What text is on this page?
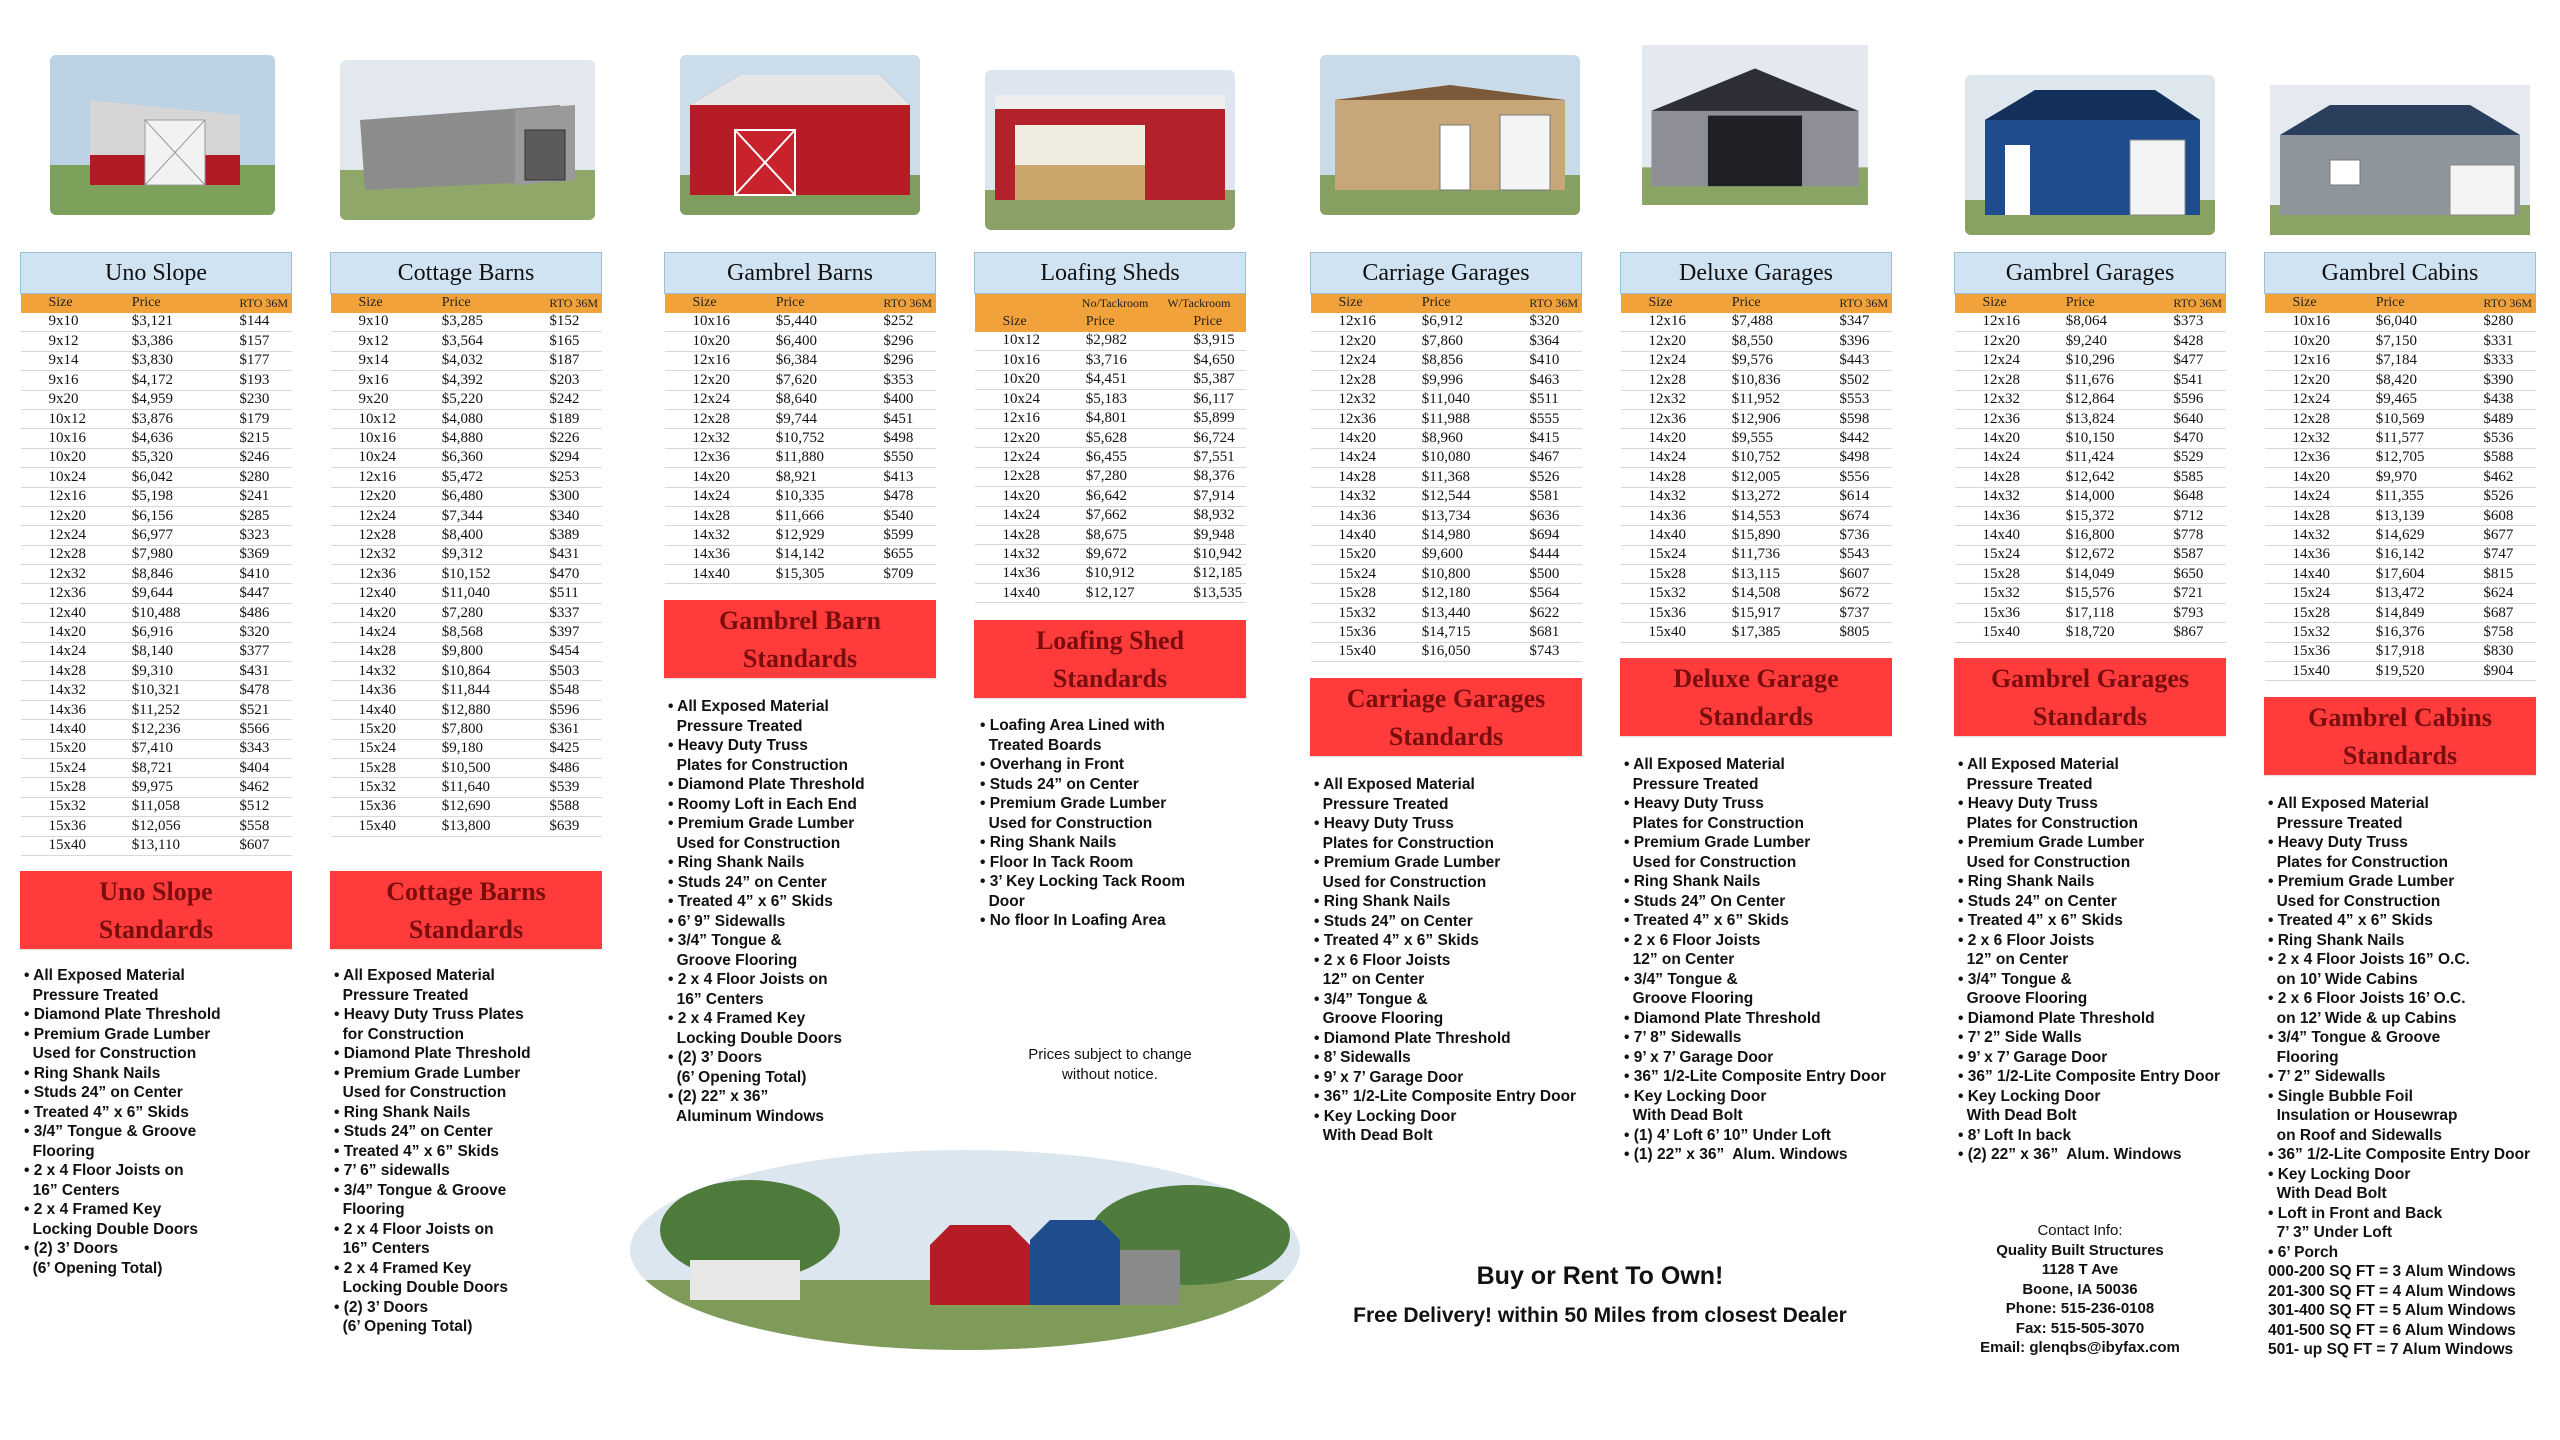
Uno Slope		
Size	Price	RTO 36M
9x10	$3,121	$144
9x12	$3,386	$157
9x14	$3,830	$177
9x16	$4,172	$193
9x20	$4,959	$230
10x12	$3,876	$179
10x16	$4,636	$215
10x20	$5,320	$246
10x24	$6,042	$280
12x16	$5,198	$241
12x20	$6,156	$285
12x24	$6,977	$323
12x28	$7,980	$369
12x32	$8,846	$410
12x36	$9,644	$447
12x40	$10,488	$486
14x20	$6,916	$320
14x24	$8,140	$377
14x28	$9,310	$431
14x32	$10,321	$478
14x36	$11,252	$521
14x40	$12,236	$566
15x20	$7,410	$343
15x24	$8,721	$404
15x28	$9,975	$462
15x32	$11,058	$512
15x36	$12,056	$558
15x40	$13,110	$607
Uno Slope
Standards
• All Exposed Material
Pressure Treated
• Diamond Plate Threshold
• Premium Grade Lumber
Used for Construction
• Ring Shank Nails
• Studs 24” on Center
• Treated 4” x 6” Skids
• 3/4” Tongue & Groove
Flooring
• 2 x 4 Floor Joists on
16” Centers
• 2 x 4 Framed Key
Locking Double Doors
• (2) 3’ Doors
(6’ Opening Total)
Cottage Barns		
Size	Price	RTO 36M
9x10	$3,285	$152
9x12	$3,564	$165
9x14	$4,032	$187
9x16	$4,392	$203
9x20	$5,220	$242
10x12	$4,080	$189
10x16	$4,880	$226
10x24	$6,360	$294
12x16	$5,472	$253
12x20	$6,480	$300
12x24	$7,344	$340
12x28	$8,400	$389
12x32	$9,312	$431
12x36	$10,152	$470
12x40	$11,040	$511
14x20	$7,280	$337
14x24	$8,568	$397
14x28	$9,800	$454
14x32	$10,864	$503
14x36	$11,844	$548
14x40	$12,880	$596
15x20	$7,800	$361
15x24	$9,180	$425
15x28	$10,500	$486
15x32	$11,640	$539
15x36	$12,690	$588
15x40	$13,800	$639
Cottage Barns
Standards
• All Exposed Material
Pressure Treated
• Heavy Duty Truss Plates
for Construction
• Diamond Plate Threshold
• Premium Grade Lumber
Used for Construction
• Ring Shank Nails
• Studs 24” on Center
• Treated 4” x 6” Skids
• 7’ 6” sidewalls
• 3/4” Tongue & Groove
Flooring
• 2 x 4 Floor Joists on
16” Centers
• 2 x 4 Framed Key
Locking Double Doors
• (2) 3’ Doors
(6’ Opening Total)
Gambrel Barns		
Size	Price	RTO 36M
10x16	$5,440	$252
10x20	$6,400	$296
12x16	$6,384	$296
12x20	$7,620	$353
12x24	$8,640	$400
12x28	$9,744	$451
12x32	$10,752	$498
12x36	$11,880	$550
14x20	$8,921	$413
14x24	$10,335	$478
14x28	$11,666	$540
14x32	$12,929	$599
14x36	$14,142	$655
14x40	$15,305	$709
Gambrel Barn
Standards
• All Exposed Material
Pressure Treated
• Heavy Duty Truss
Plates for Construction
• Diamond Plate Threshold
• Roomy Loft in Each End
• Premium Grade Lumber
Used for Construction
• Ring Shank Nails
• Studs 24” on Center
• Treated 4” x 6” Skids
• 6’ 9” Sidewalls
• 3/4” Tongue &
Groove Flooring
• 2 x 4 Floor Joists on
16” Centers
• 2 x 4 Framed Key
Locking Double Doors
• (2) 3’ Doors
(6’ Opening Total)
• (2) 22” x 36”
Aluminum Windows
Loafing Sheds		
	No/Tackroom	W/Tackroom
Size	Price	Price
10x12	$2,982	$3,915
10x16	$3,716	$4,650
10x20	$4,451	$5,387
10x24	$5,183	$6,117
12x16	$4,801	$5,899
12x20	$5,628	$6,724
12x24	$6,455	$7,551
12x28	$7,280	$8,376
14x20	$6,642	$7,914
14x24	$7,662	$8,932
14x28	$8,675	$9,948
14x32	$9,672	$10,942
14x36	$10,912	$12,185
14x40	$12,127	$13,535
Loafing Shed
Standards
• Loafing Area Lined with
Treated Boards
• Overhang in Front
• Studs 24” on Center
• Premium Grade Lumber
Used for Construction
• Ring Shank Nails
• Floor In Tack Room
• 3’ Key Locking Tack Room
Door
• No floor In Loafing Area
Prices subject to change
without notice.
Carriage Garages		
Size	Price	RTO 36M
12x16	$6,912	$320
12x20	$7,860	$364
12x24	$8,856	$410
12x28	$9,996	$463
12x32	$11,040	$511
12x36	$11,988	$555
14x20	$8,960	$415
14x24	$10,080	$467
14x28	$11,368	$526
14x32	$12,544	$581
14x36	$13,734	$636
14x40	$14,980	$694
15x20	$9,600	$444
15x24	$10,800	$500
15x28	$12,180	$564
15x32	$13,440	$622
15x36	$14,715	$681
15x40	$16,050	$743
Carriage Garages
Standards
• All Exposed Material
Pressure Treated
• Heavy Duty Truss
Plates for Construction
• Premium Grade Lumber
Used for Construction
• Ring Shank Nails
• Studs 24” on Center
• Treated 4” x 6” Skids
• 2 x 6 Floor Joists
12” on Center
• 3/4” Tongue &
Groove Flooring
• Diamond Plate Threshold
• 8’ Sidewalls
• 9’ x 7’ Garage Door
• 36” 1/2-Lite Composite Entry Door
• Key Locking Door
With Dead Bolt
Deluxe Garages		
Size	Price	RTO 36M
12x16	$7,488	$347
12x20	$8,550	$396
12x24	$9,576	$443
12x28	$10,836	$502
12x32	$11,952	$553
12x36	$12,906	$598
14x20	$9,555	$442
14x24	$10,752	$498
14x28	$12,005	$556
14x32	$13,272	$614
14x36	$14,553	$674
14x40	$15,890	$736
15x24	$11,736	$543
15x28	$13,115	$607
15x32	$14,508	$672
15x36	$15,917	$737
15x40	$17,385	$805
Deluxe Garage
Standards
• All Exposed Material
Pressure Treated
• Heavy Duty Truss
Plates for Construction
• Premium Grade Lumber
Used for Construction
• Ring Shank Nails
• Studs 24” On Center
• Treated 4” x 6” Skids
• 2 x 6 Floor Joists
12” on Center
• 3/4” Tongue &
Groove Flooring
• Diamond Plate Threshold
• 7’ 8” Sidewalls
• 9’ x 7’ Garage Door
• 36” 1/2-Lite Composite Entry Door
• Key Locking Door
With Dead Bolt
• (1) 4’ Loft 6’ 10” Under Loft
• (1) 22” x 36”  Alum. Windows
Gambrel Garages		
Size	Price	RTO 36M
12x16	$8,064	$373
12x20	$9,240	$428
12x24	$10,296	$477
12x28	$11,676	$541
12x32	$12,864	$596
12x36	$13,824	$640
14x20	$10,150	$470
14x24	$11,424	$529
14x28	$12,642	$585
14x32	$14,000	$648
14x36	$15,372	$712
14x40	$16,800	$778
15x24	$12,672	$587
15x28	$14,049	$650
15x32	$15,576	$721
15x36	$17,118	$793
15x40	$18,720	$867
Gambrel Garages
Standards
• All Exposed Material
Pressure Treated
• Heavy Duty Truss
Plates for Construction
• Premium Grade Lumber
Used for Construction
• Ring Shank Nails
• Studs 24” on Center
• Treated 4” x 6” Skids
• 2 x 6 Floor Joists
12” on Center
• 3/4” Tongue &
Groove Flooring
• Diamond Plate Threshold
• 7’ 2” Side Walls
• 9’ x 7’ Garage Door
• 36” 1/2-Lite Composite Entry Door
• Key Locking Door
With Dead Bolt
• 8’ Loft In back
• (2) 22” x 36”  Alum. Windows
Gambrel Cabins		
Size	Price	RTO 36M
10x16	$6,040	$280
10x20	$7,150	$331
12x16	$7,184	$333
12x20	$8,420	$390
12x24	$9,465	$438
12x28	$10,569	$489
12x32	$11,577	$536
12x36	$12,705	$588
14x20	$9,970	$462
14x24	$11,355	$526
14x28	$13,139	$608
14x32	$14,629	$677
14x36	$16,142	$747
14x40	$17,604	$815
15x24	$13,472	$624
15x28	$14,849	$687
15x32	$16,376	$758
15x36	$17,918	$830
15x40	$19,520	$904
Gambrel Cabins
Standards
• All Exposed Material
Pressure Treated
• Heavy Duty Truss
Plates for Construction
• Premium Grade Lumber
Used for Construction
• Treated 4” x 6” Skids
• Ring Shank Nails
• 2 x 4 Floor Joists 16” O.C.
on 10’ Wide Cabins
• 2 x 6 Floor Joists 16’ O.C.
on 12’ Wide & up Cabins
• 3/4” Tongue & Groove
Flooring
• 7’ 2” Sidewalls
• Single Bubble Foil
Insulation or Housewrap
on Roof and Sidewalls
• 36” 1/2-Lite Composite Entry Door
• Key Locking Door
With Dead Bolt
• Loft in Front and Back
7’ 3” Under Loft
• 6’ Porch
000-200 SQ FT = 3 Alum Windows
201-300 SQ FT = 4 Alum Windows
301-400 SQ FT = 5 Alum Windows
401-500 SQ FT = 6 Alum Windows
501- up SQ FT = 7 Alum Windows
Buy or Rent To Own!
Free Delivery! within 50 Miles from closest Dealer
Contact Info:
Quality Built Structures
1128 T Ave
Boone, IA 50036
Phone: 515-236-0108
Fax: 515-505-3070
Email: glenqbs@ibyfax.com
